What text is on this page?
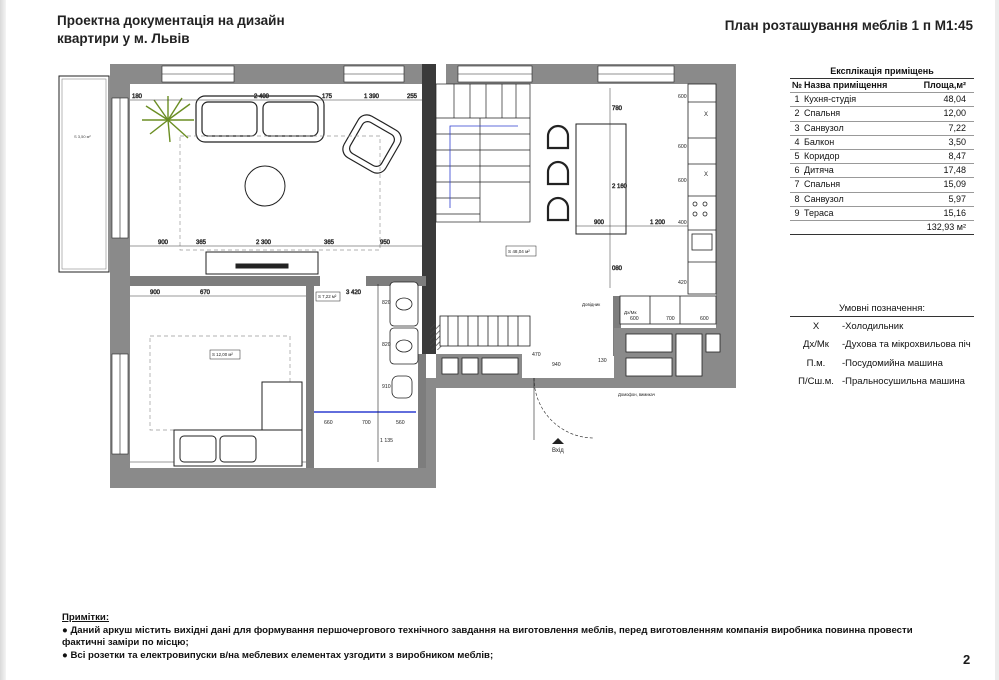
Проектна документація на дизайн
квартири у м. Львів
План розташування меблів 1 п М1:45
S 3,50 м²
180	2 400	175	1 390	255
900	365	2 300	365	950
900	670	3 420
780
2 160
080
900	1 200
S 48,04 м²
Х
Х
600
600
600
400
420
Дх/Мк
Довідник
S 7,22 м²
820
820
910
660	700	560
1 135
S 12,00 м²
940
470
600	700	600
130
Домофон, вимикач
Вхід
Експлікація приміщень
№	Назва приміщення	Площа,м²
1	Кухня-студія	48,04
2	Спальня	12,00
3	Санвузол	7,22
4	Балкон	3,50
5	Коридор	8,47
6	Дитяча	17,48
7	Спальня	15,09
8	Санвузол	5,97
9	Тераса	15,16
		132,93 м²
Умовні позначення:
Х	-Холодильник
Дх/Мк	-Духова та мікрохвильова піч
П.м.	-Посудомийна машина
П/Сш.м. -Пральносушильна машина
Примітки:
● Даний аркуш містить вихідні дані для формування першочергового технічного завдання на виготовлення меблів, перед виготовленням компанія виробника повинна провести
фактичні заміри по місцю;
● Всі розетки та електровипуски в/на меблевих елементах узгодити з виробником меблів;	2
